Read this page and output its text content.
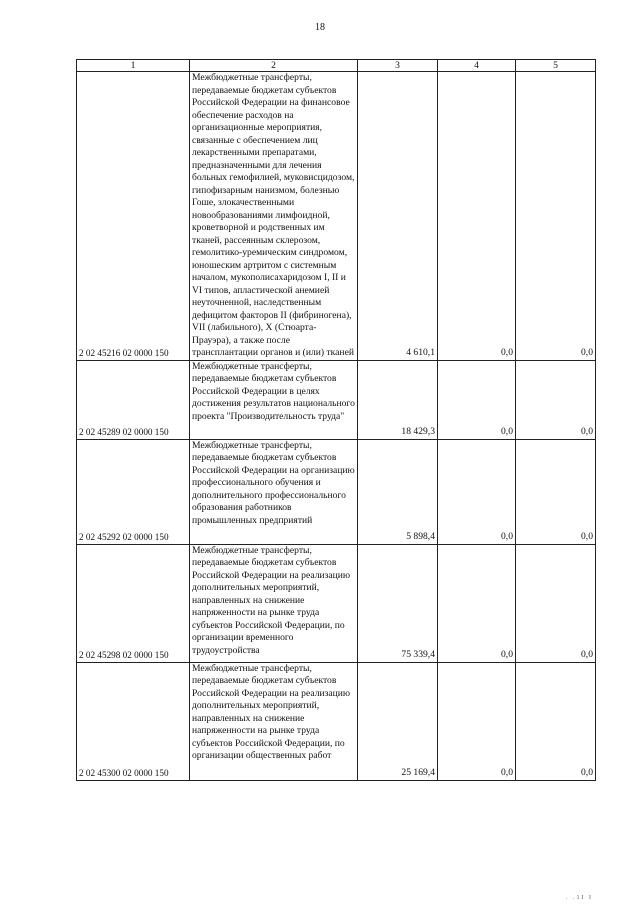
18
1	2	3	4	5
2 02 45216 02 0000 150	Межбюджетные трансферты, передаваемые бюджетам субъектов Российской Федерации на финансовое обеспечение расходов на организационные мероприятия, связанные с обеспечением лиц лекарственными препаратами, предназначенными для лечения больных гемофилией, муковисцидозом, гипофизарным нанизмом, болезнью Гоше, злокачественными новообразованиями лимфоидной, кроветворной и родственных им тканей, рассеянным склерозом, гемолитико-уремическим синдромом, юношеским артритом с системным началом, мукополисахаридозом I, II и VI типов, апластической анемией неуточненной, наследственным дефицитом факторов II (фибриногена), VII (лабильного), X (Стюарта-Прауэра), а также после трансплантации органов и (или) тканей	4 610,1	0,0	0,0
2 02 45289 02 0000 150	Межбюджетные трансферты, передаваемые бюджетам субъектов Российской Федерации в целях достижения результатов национального проекта "Производительность труда"	18 429,3	0,0	0,0
2 02 45292 02 0000 150	Межбюджетные трансферты, передаваемые бюджетам субъектов Российской Федерации на организацию профессионального обучения и дополнительного профессионального образования работников промышленных предприятий	5 898,4	0,0	0,0
2 02 45298 02 0000 150	Межбюджетные трансферты, передаваемые бюджетам субъектов Российской Федерации на реализацию дополнительных мероприятий, направленных на снижение напряженности на рынке труда субъектов Российской Федерации, по организации временного трудоустройства	75 339,4	0,0	0,0
2 02 45300 02 0000 150	Межбюджетные трансферты, передаваемые бюджетам субъектов Российской Федерации на реализацию дополнительных мероприятий, направленных на снижение напряженности на рынке труда субъектов Российской Федерации, по организации общественных работ	25 169,4	0,0	0,0
. .1I I
